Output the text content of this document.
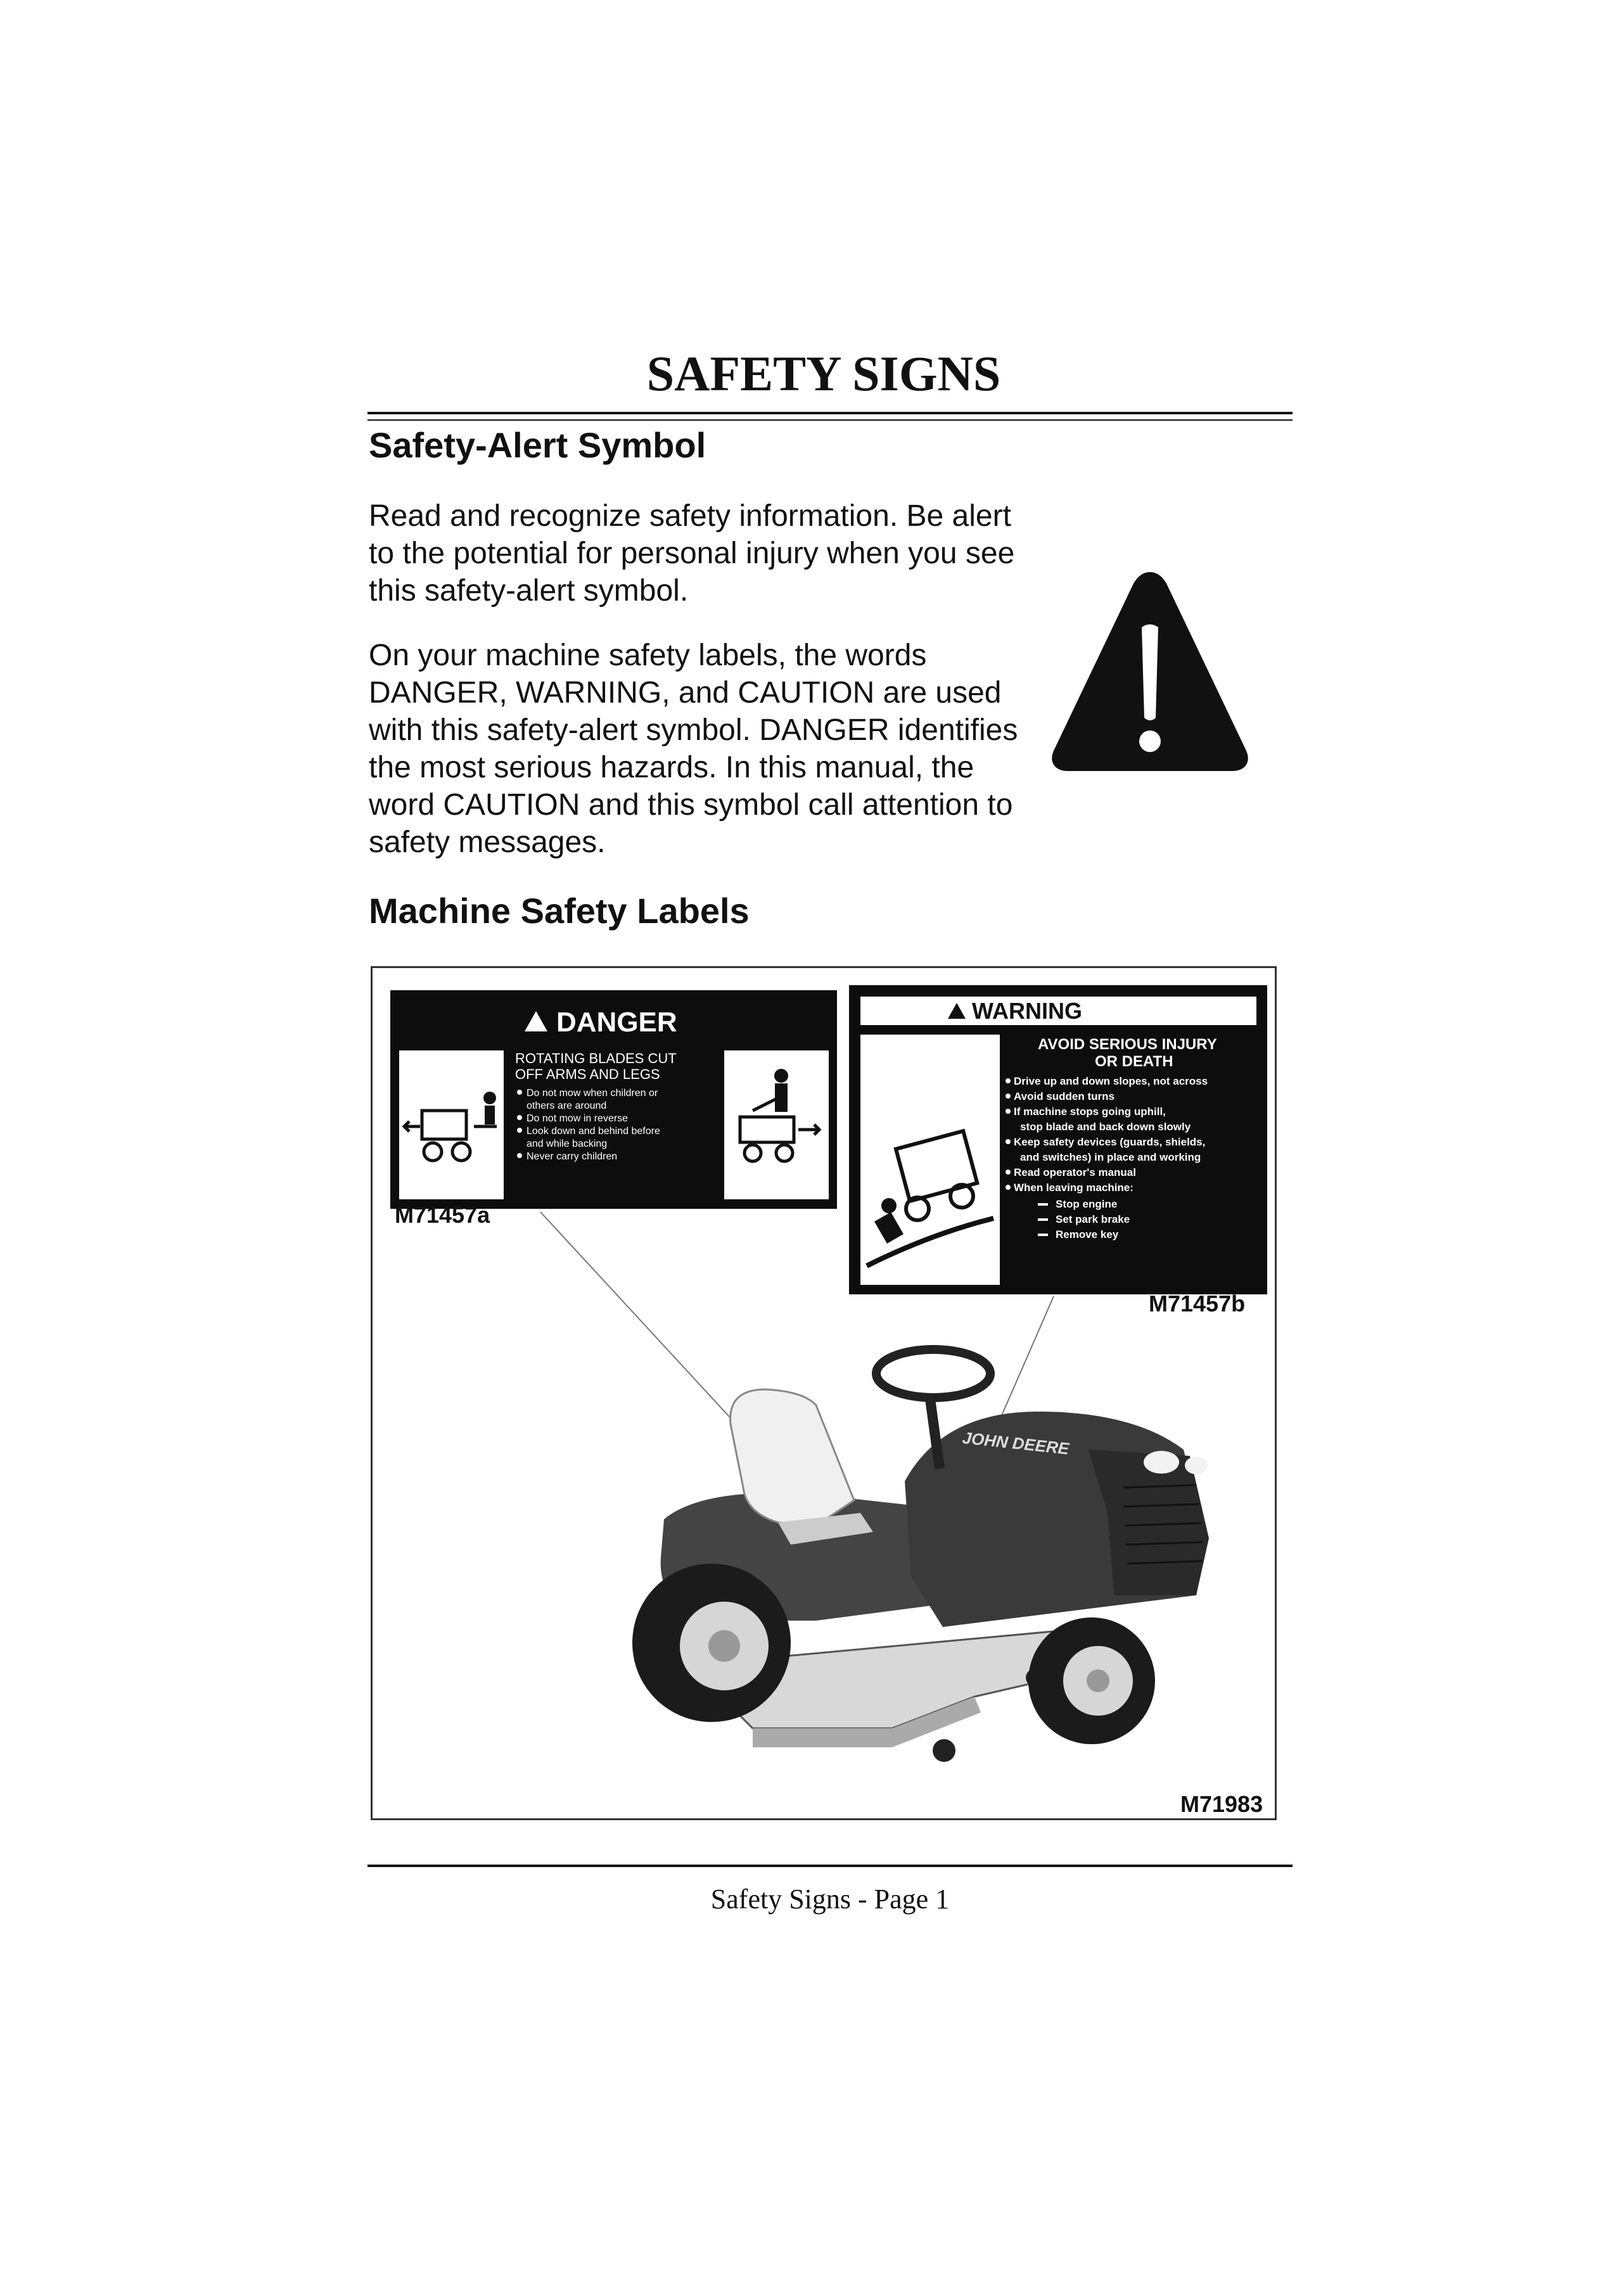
SAFETY SIGNS
Safety-Alert Symbol

Read and recognize safety information. Be alert to the potential for personal injury when you see this safety-alert symbol.

On your machine safety labels, the words DANGER, WARNING, and CAUTION are used with this safety-alert symbol. DANGER identifies the most serious hazards. In this manual, the word CAUTION and this symbol call attention to safety messages.

Machine Safety Labels
DANGER
ROTATING BLADES CUT
OFF ARMS AND LEGS
Do not mow when children or
others are around
Do not mow in reverse
Look down and behind before
and while backing
Never carry children
WARNING
AVOID SERIOUS INJURY
OR DEATH
Drive up and down slopes, not across
Avoid sudden turns
If machine stops going uphill,
stop blade and back down slowly
Keep safety devices (guards, shields,
and switches) in place and working
Read operator's manual
When leaving machine:
Stop engine
Set park brake
Remove key
JOHN DEERE
M71457a
M71457b
M71983

Safety Signs - Page 1
